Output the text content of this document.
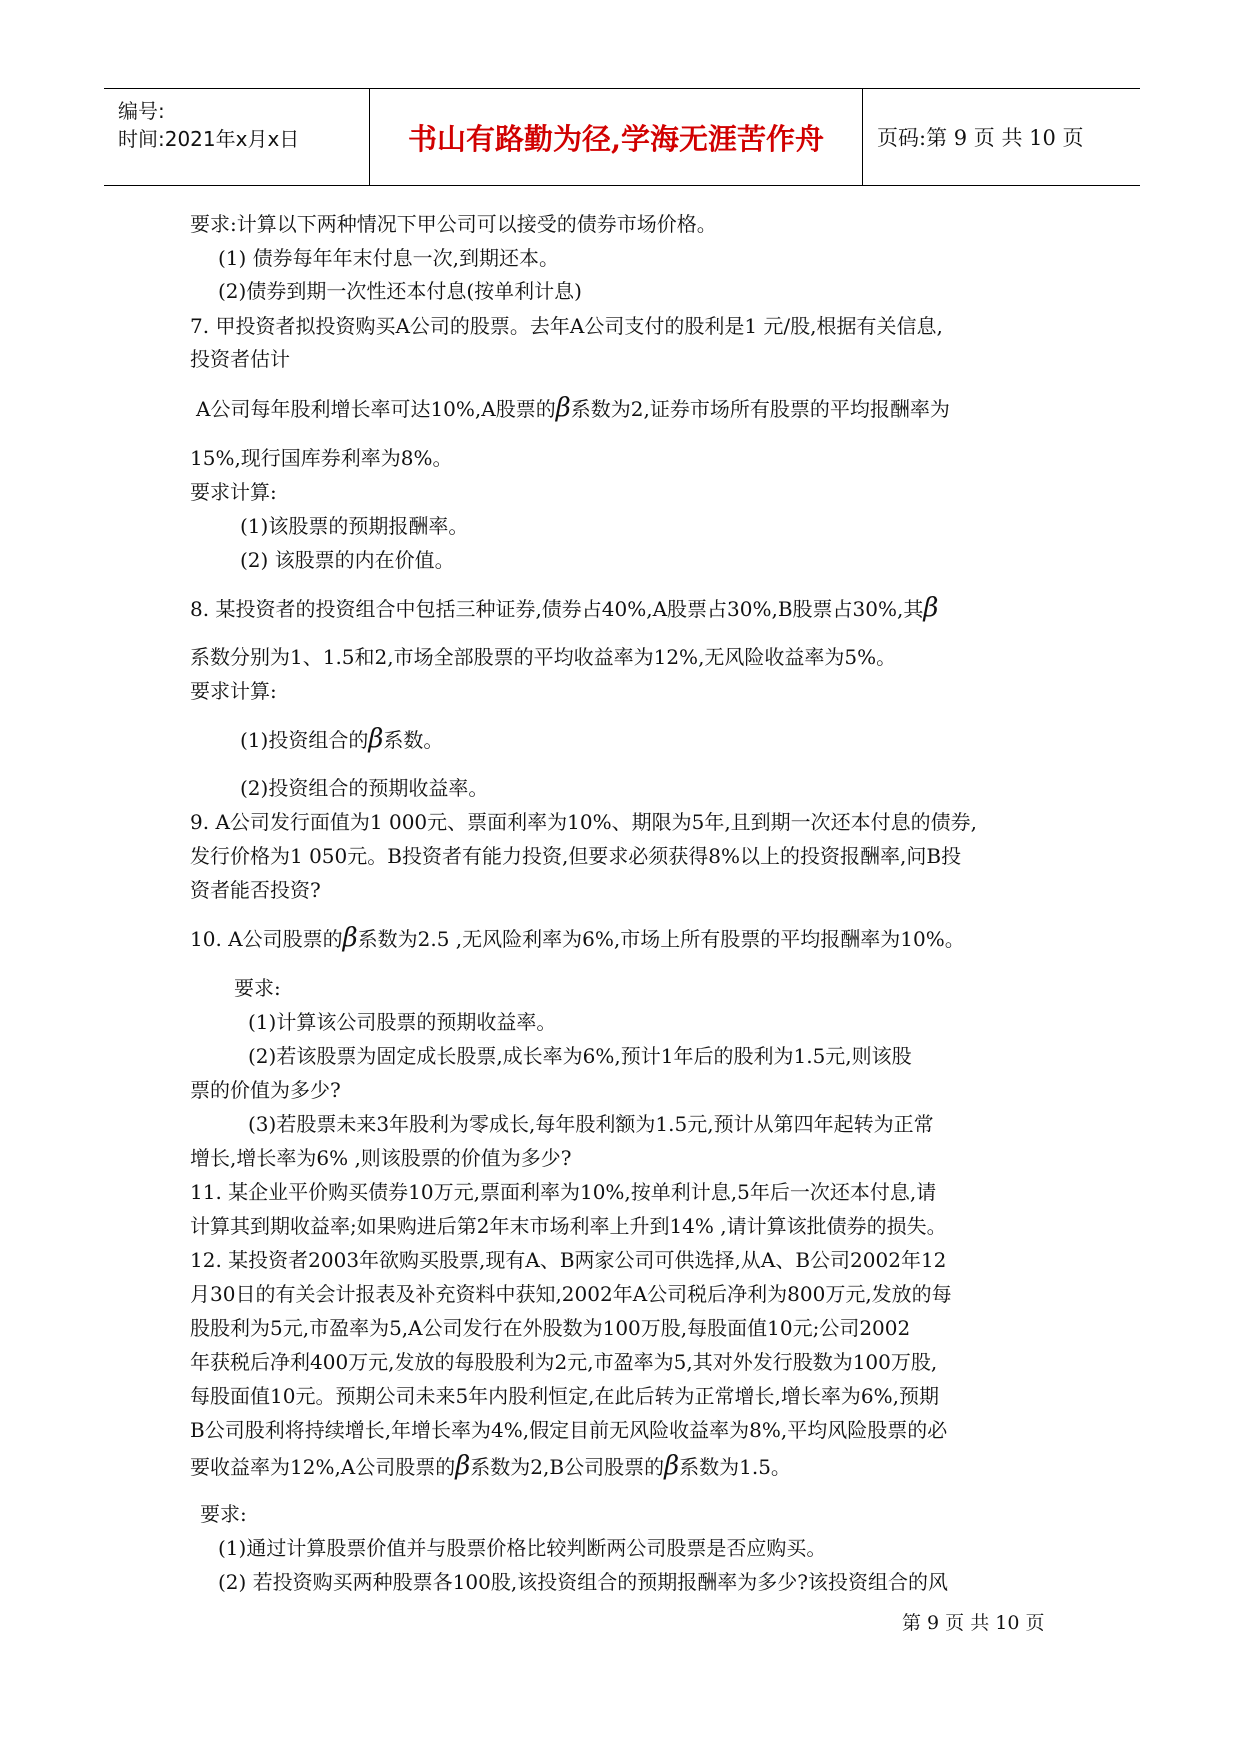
编号:
时间:2021年x月x日	书山有路勤为径,学海无涯苦作舟	页码:第 9 页 共 10 页
要求:计算以下两种情况下甲公司可以接受的债券市场价格。
(1) 债券每年年末付息一次,到期还本。
(2)债券到期一次性还本付息(按单利计息)
7. 甲投资者拟投资购买A公司的股票。去年A公司支付的股利是1 元/股,根据有关信息,
投资者估计
A公司每年股利增长率可达10%,A股票的β系数为2,证券市场所有股票的平均报酬率为
15%,现行国库券利率为8%。
要求计算:
(1)该股票的预期报酬率。
(2) 该股票的内在价值。
8. 某投资者的投资组合中包括三种证券,债券占40%,A股票占30%,B股票占30%,其β
系数分别为1、1.5和2,市场全部股票的平均收益率为12%,无风险收益率为5%。
要求计算:
(1)投资组合的β系数。
(2)投资组合的预期收益率。
9. A公司发行面值为1 000元、票面利率为10%、期限为5年,且到期一次还本付息的债券,
发行价格为1 050元。B投资者有能力投资,但要求必须获得8%以上的投资报酬率,问B投
资者能否投资?
10. A公司股票的β系数为2.5 ,无风险利率为6%,市场上所有股票的平均报酬率为10%。
要求:
(1)计算该公司股票的预期收益率。
(2)若该股票为固定成长股票,成长率为6%,预计1年后的股利为1.5元,则该股
票的价值为多少?
(3)若股票未来3年股利为零成长,每年股利额为1.5元,预计从第四年起转为正常
增长,增长率为6% ,则该股票的价值为多少?
11. 某企业平价购买债券10万元,票面利率为10%,按单利计息,5年后一次还本付息,请
计算其到期收益率;如果购进后第2年末市场利率上升到14% ,请计算该批债券的损失。
12. 某投资者2003年欲购买股票,现有A、B两家公司可供选择,从A、B公司2002年12
月30日的有关会计报表及补充资料中获知,2002年A公司税后净利为800万元,发放的每
股股利为5元,市盈率为5,A公司发行在外股数为100万股,每股面值10元;公司2002
年获税后净利400万元,发放的每股股利为2元,市盈率为5,其对外发行股数为100万股,
每股面值10元。预期公司未来5年内股利恒定,在此后转为正常增长,增长率为6%,预期
B公司股利将持续增长,年增长率为4%,假定目前无风险收益率为8%,平均风险股票的必
要收益率为12%,A公司股票的β系数为2,B公司股票的β系数为1.5。
要求:
(1)通过计算股票价值并与股票价格比较判断两公司股票是否应购买。
(2) 若投资购买两种股票各100股,该投资组合的预期报酬率为多少?该投资组合的风
第 9 页 共 10 页
